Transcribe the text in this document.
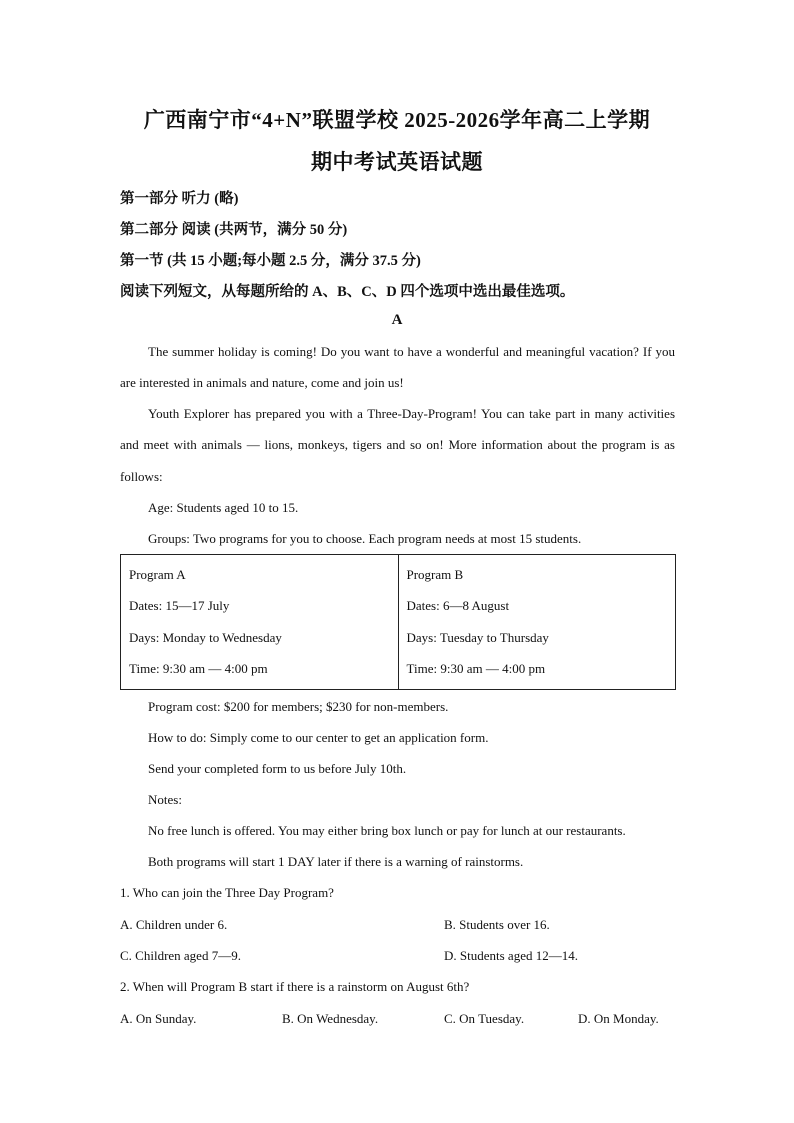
广西南宁市“4+N”联盟学校 2025-2026学年高二上学期
期中考试英语试题
第一部分 听力 (略)
第二部分 阅读 (共两节，满分 50 分)
第一节 (共 15 小题;每小题 2.5 分，满分 37.5 分)
阅读下列短文，从每题所给的 A、B、C、D 四个选项中选出最佳选项。
A
The summer holiday is coming! Do you want to have a wonderful and meaningful vacation? If you are interested in animals and nature, come and join us!
Youth Explorer has prepared you with a Three-Day-Program! You can take part in many activities and meet with animals — lions, monkeys, tigers and so on! More information about the program is as follows:
Age: Students aged 10 to 15.
Groups: Two programs for you to choose. Each program needs at most 15 students.
Program A
Dates: 15—17 July
Days: Monday to Wednesday
Time: 9:30 am — 4:00 pm

Program B
Dates: 6—8 August
Days: Tuesday to Thursday
Time: 9:30 am — 4:00 pm
Program cost: $200 for members; $230 for non-members.
How to do: Simply come to our center to get an application form.
Send your completed form to us before July 10th.
Notes:
No free lunch is offered. You may either bring box lunch or pay for lunch at our restaurants.
Both programs will start 1 DAY later if there is a warning of rainstorms.
1. Who can join the Three Day Program?
A. Children under 6.	B. Students over 16.
C. Children aged 7—9.	D. Students aged 12—14.
2. When will Program B start if there is a rainstorm on August 6th?
A. On Sunday.	B. On Wednesday.	C. On Tuesday.	D. On Monday.
